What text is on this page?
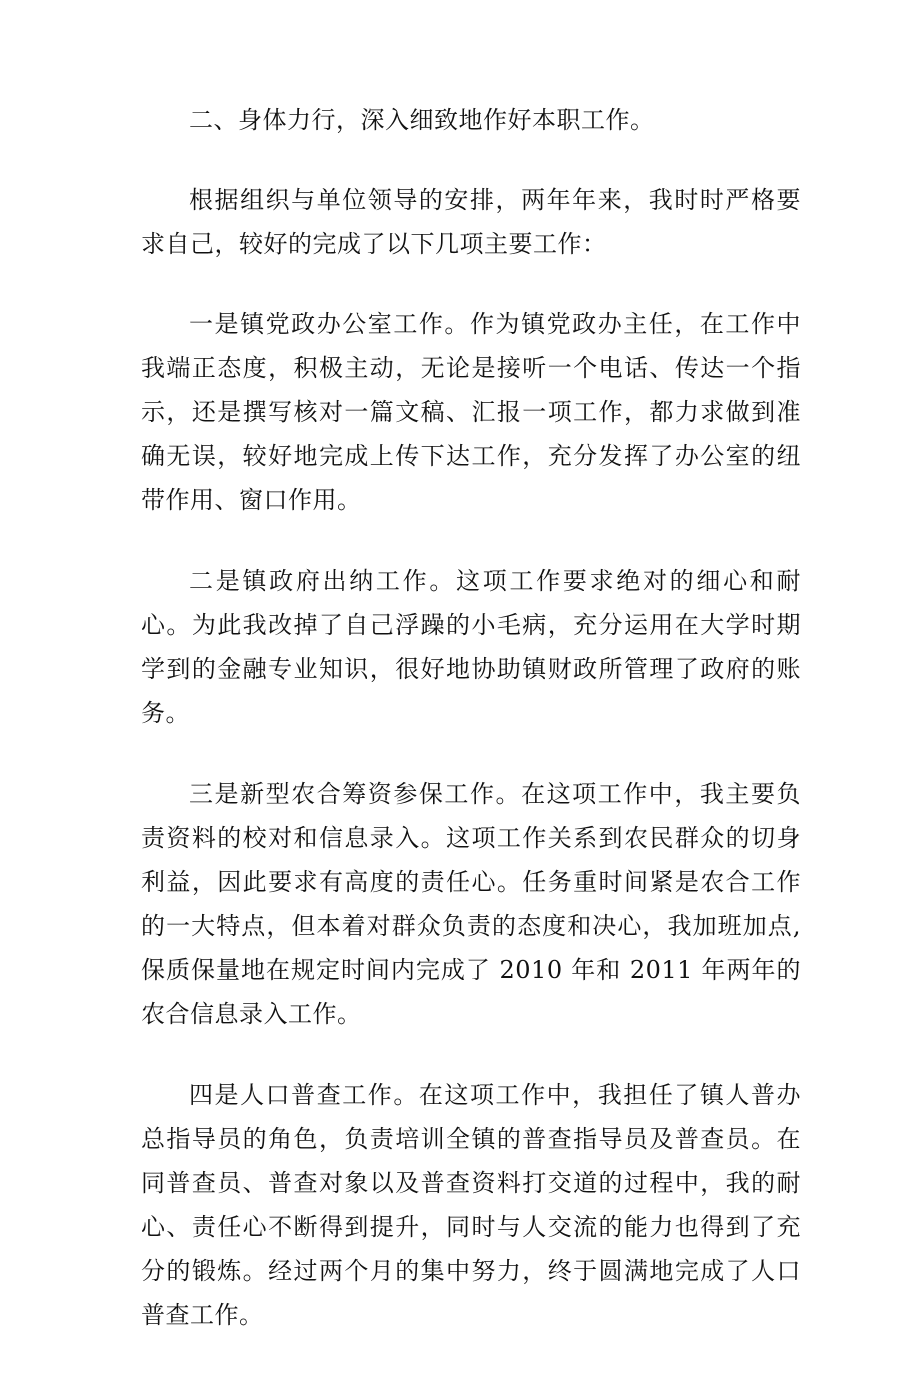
二、身体力行，深入细致地作好本职工作。

根据组织与单位领导的安排，两年年来，我时时严格要求自己，较好的完成了以下几项主要工作：

一是镇党政办公室工作。作为镇党政办主任，在工作中我端正态度，积极主动，无论是接听一个电话、传达一个指示，还是撰写核对一篇文稿、汇报一项工作，都力求做到准确无误，较好地完成上传下达工作，充分发挥了办公室的纽带作用、窗口作用。

二是镇政府出纳工作。这项工作要求绝对的细心和耐心。为此我改掉了自己浮躁的小毛病，充分运用在大学时期学到的金融专业知识，很好地协助镇财政所管理了政府的账务。

三是新型农合筹资参保工作。在这项工作中，我主要负责资料的校对和信息录入。这项工作关系到农民群众的切身利益，因此要求有高度的责任心。任务重时间紧是农合工作的一大特点，但本着对群众负责的态度和决心，我加班加点,保质保量地在规定时间内完成了 2010 年和 2011 年两年的农合信息录入工作。

四是人口普查工作。在这项工作中，我担任了镇人普办总指导员的角色，负责培训全镇的普查指导员及普查员。在同普查员、普查对象以及普查资料打交道的过程中，我的耐心、责任心不断得到提升，同时与人交流的能力也得到了充分的锻炼。经过两个月的集中努力，终于圆满地完成了人口普查工作。
